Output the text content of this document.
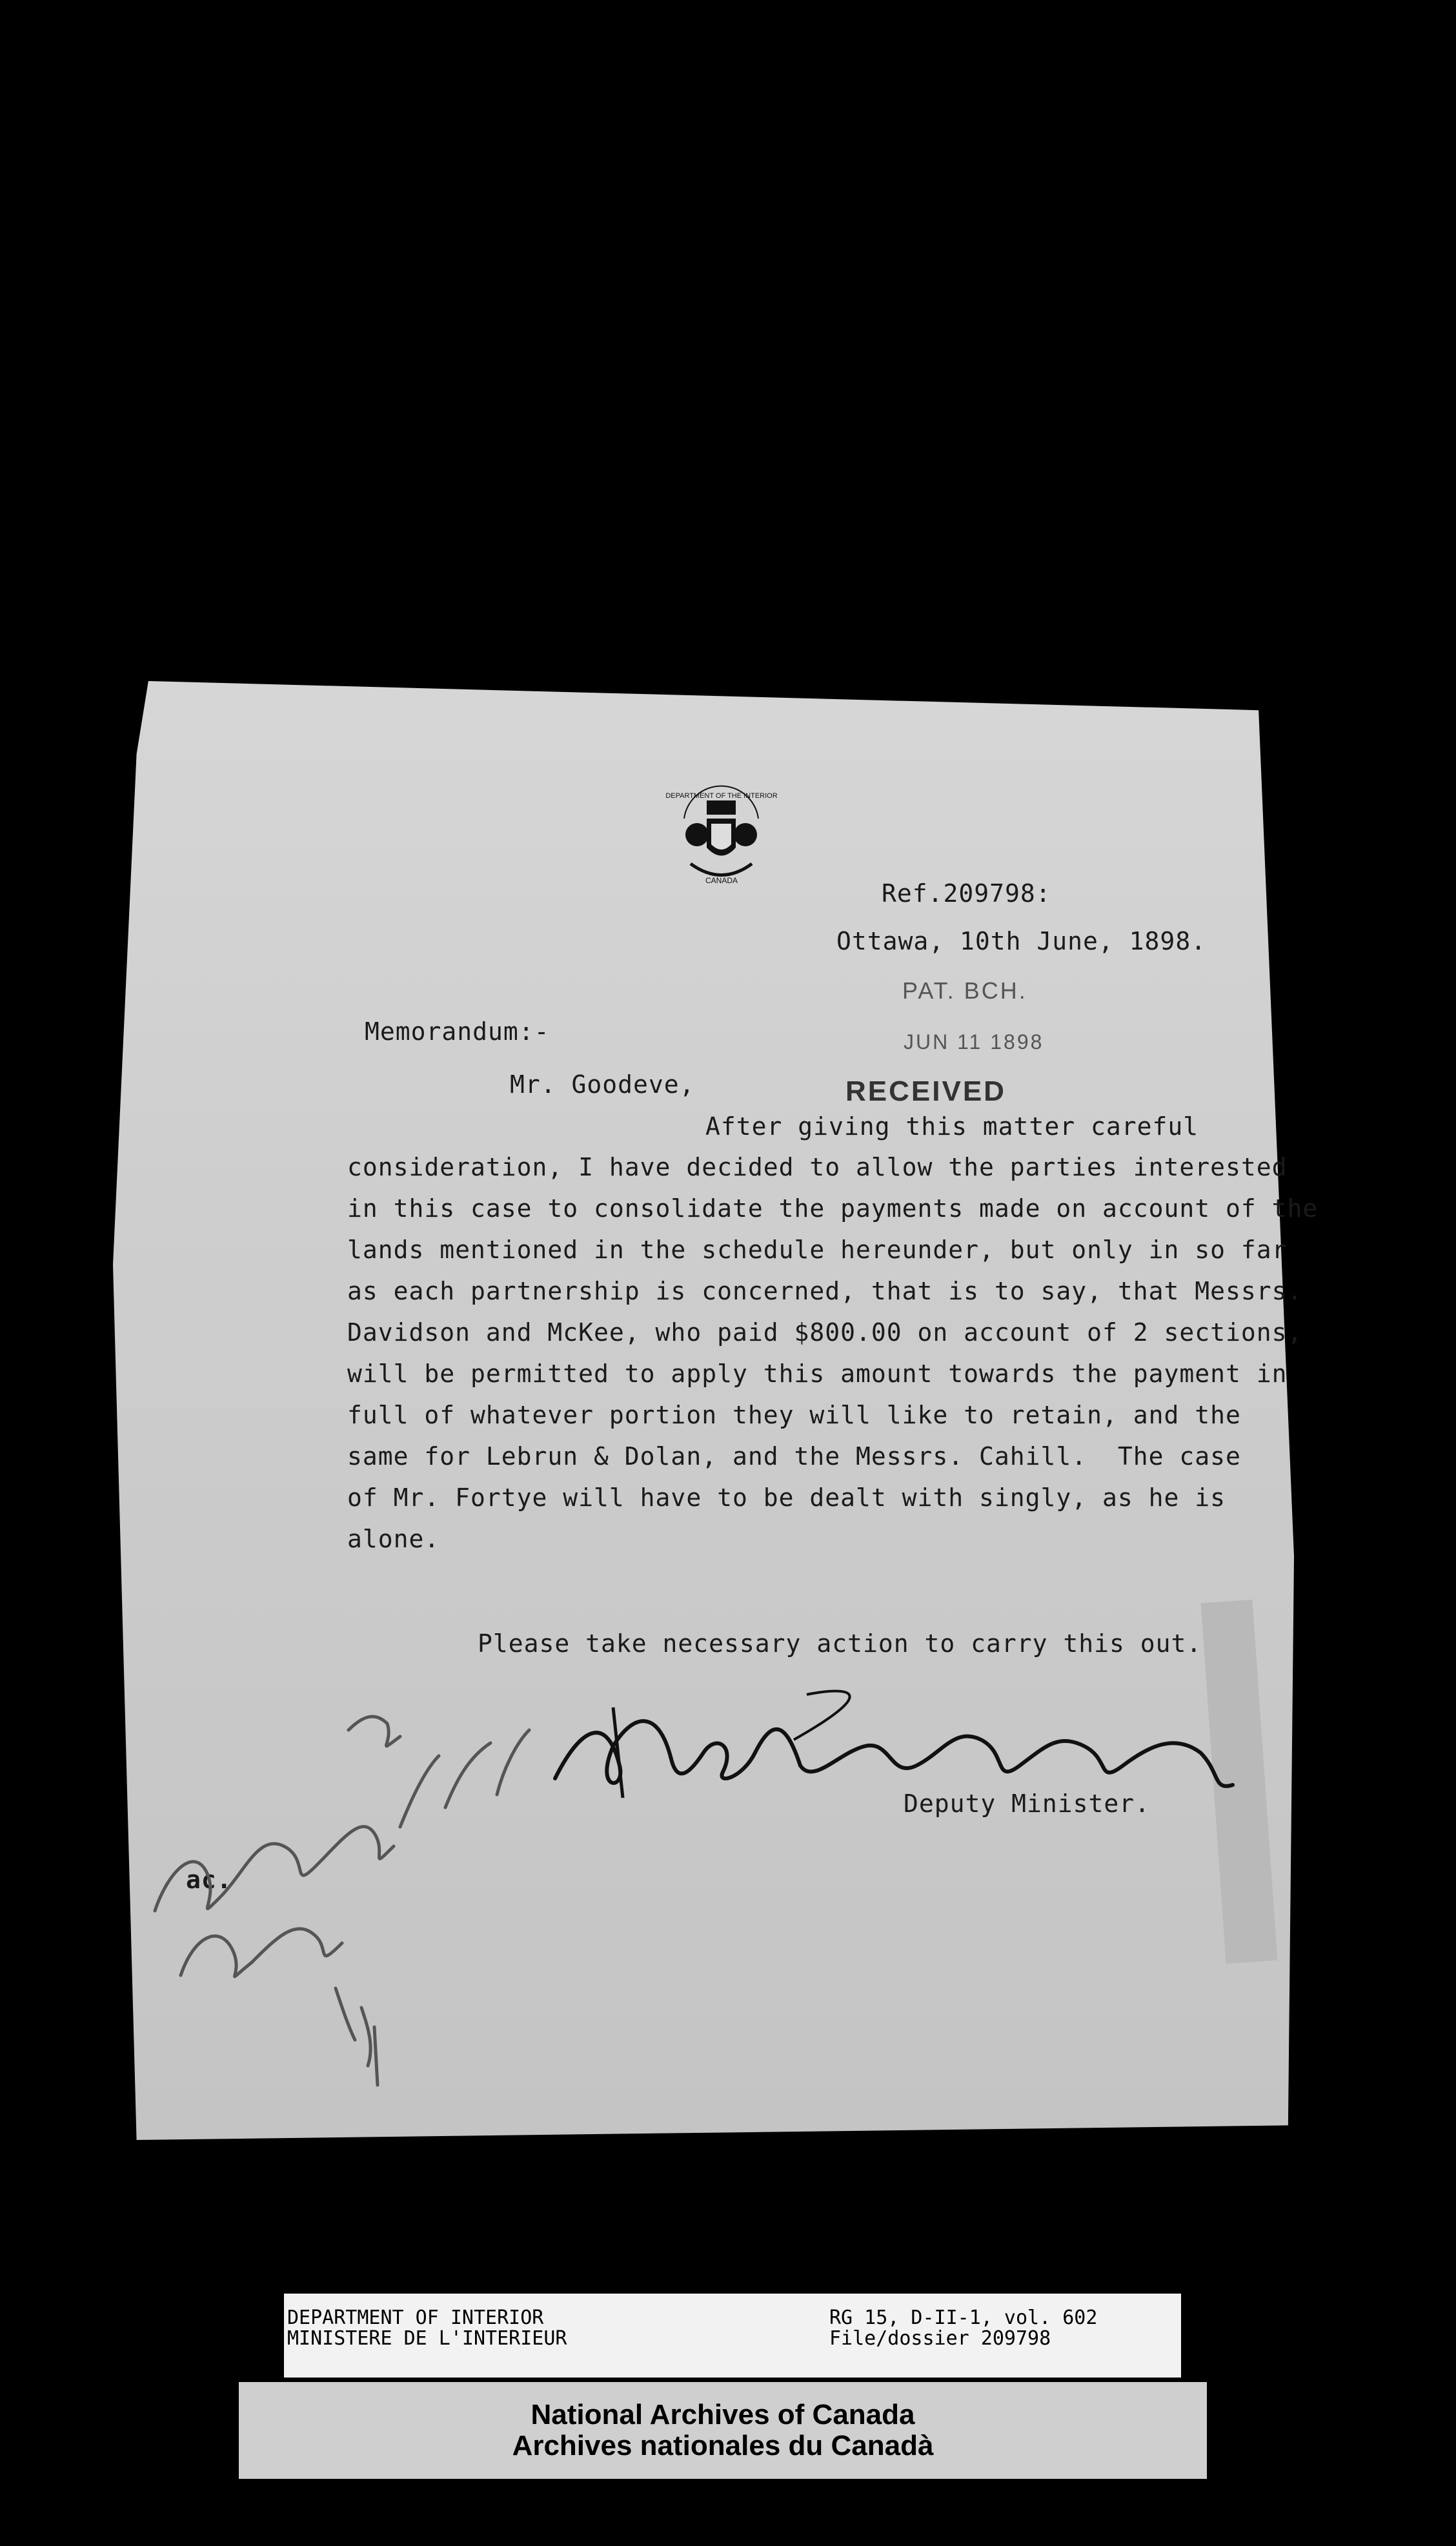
DEPARTMENT OF THE INTERIOR
CANADA	Ref.209798:
Ottawa, 10th June, 1898.
PAT. BCH.
Memorandum:-	JUN 11 1898
Mr. Goodeve,	RECEIVED
After giving this matter careful
consideration, I have decided to allow the parties interested
in this case to consolidate the payments made on account of the
lands mentioned in the schedule hereunder, but only in so far
as each partnership is concerned, that is to say, that Messrs.
Davidson and McKee, who paid $800.00 on account of 2 sections,
will be permitted to apply this amount towards the payment in
full of whatever portion they will like to retain, and the
same for Lebrun & Dolan, and the Messrs. Cahill.  The case
of Mr. Fortye will have to be dealt with singly, as he is
alone.
Please take necessary action to carry this out.
Deputy Minister.
ac.
DEPARTMENT OF INTERIOR
MINISTERE DE L'INTERIEUR
RG 15, D-II-1, vol. 602
File/dossier 209798
National Archives of Canada
Archives nationales du Canadà
